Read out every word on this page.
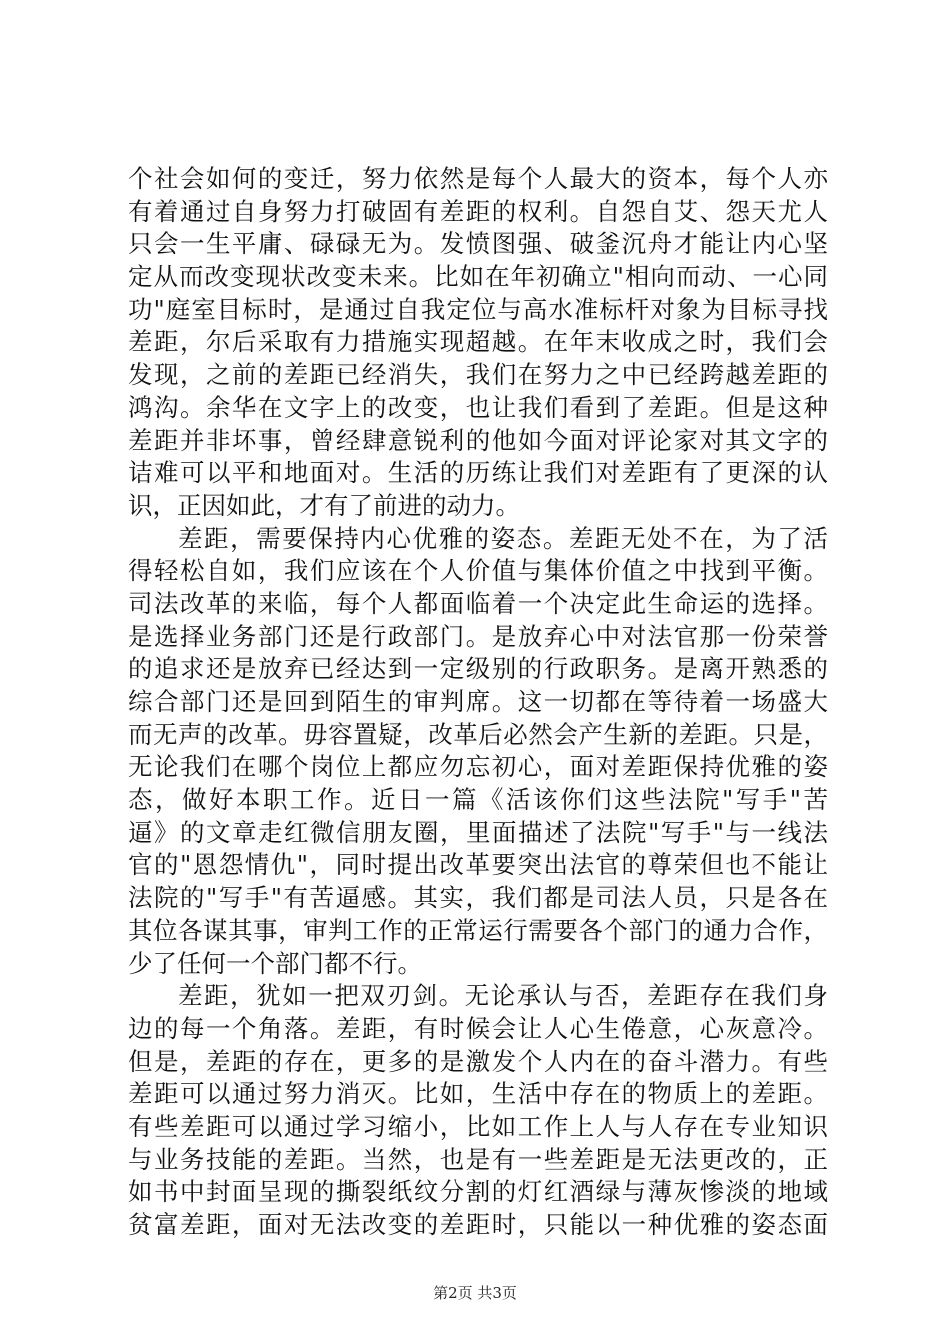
个社会如何的变迁，努力依然是每个人最大的资本，每个人亦
有着通过自身努力打破固有差距的权利。自怨自艾、怨天尤人
只会一生平庸、碌碌无为。发愤图强、破釜沉舟才能让内心坚
定从而改变现状改变未来。比如在年初确立"相向而动、一心同
功"庭室目标时，是通过自我定位与高水准标杆对象为目标寻找
差距，尔后采取有力措施实现超越。在年末收成之时，我们会
发现，之前的差距已经消失，我们在努力之中已经跨越差距的
鸿沟。余华在文字上的改变，也让我们看到了差距。但是这种
差距并非坏事，曾经肆意锐利的他如今面对评论家对其文字的
诘难可以平和地面对。生活的历练让我们对差距有了更深的认
识，正因如此，才有了前进的动力。
差距，需要保持内心优雅的姿态。差距无处不在，为了活
得轻松自如，我们应该在个人价值与集体价值之中找到平衡。
司法改革的来临，每个人都面临着一个决定此生命运的选择。
是选择业务部门还是行政部门。是放弃心中对法官那一份荣誉
的追求还是放弃已经达到一定级别的行政职务。是离开熟悉的
综合部门还是回到陌生的审判席。这一切都在等待着一场盛大
而无声的改革。毋容置疑，改革后必然会产生新的差距。只是，
无论我们在哪个岗位上都应勿忘初心，面对差距保持优雅的姿
态，做好本职工作。近日一篇《活该你们这些法院"写手"苦
逼》的文章走红微信朋友圈，里面描述了法院"写手"与一线法
官的"恩怨情仇"，同时提出改革要突出法官的尊荣但也不能让
法院的"写手"有苦逼感。其实，我们都是司法人员，只是各在
其位各谋其事，审判工作的正常运行需要各个部门的通力合作，
少了任何一个部门都不行。
差距，犹如一把双刃剑。无论承认与否，差距存在我们身
边的每一个角落。差距，有时候会让人心生倦意，心灰意冷。
但是，差距的存在，更多的是激发个人内在的奋斗潜力。有些
差距可以通过努力消灭。比如，生活中存在的物质上的差距。
有些差距可以通过学习缩小，比如工作上人与人存在专业知识
与业务技能的差距。当然，也是有一些差距是无法更改的，正
如书中封面呈现的撕裂纸纹分割的灯红酒绿与薄灰惨淡的地域
贫富差距，面对无法改变的差距时，只能以一种优雅的姿态面
第2页 共3页
